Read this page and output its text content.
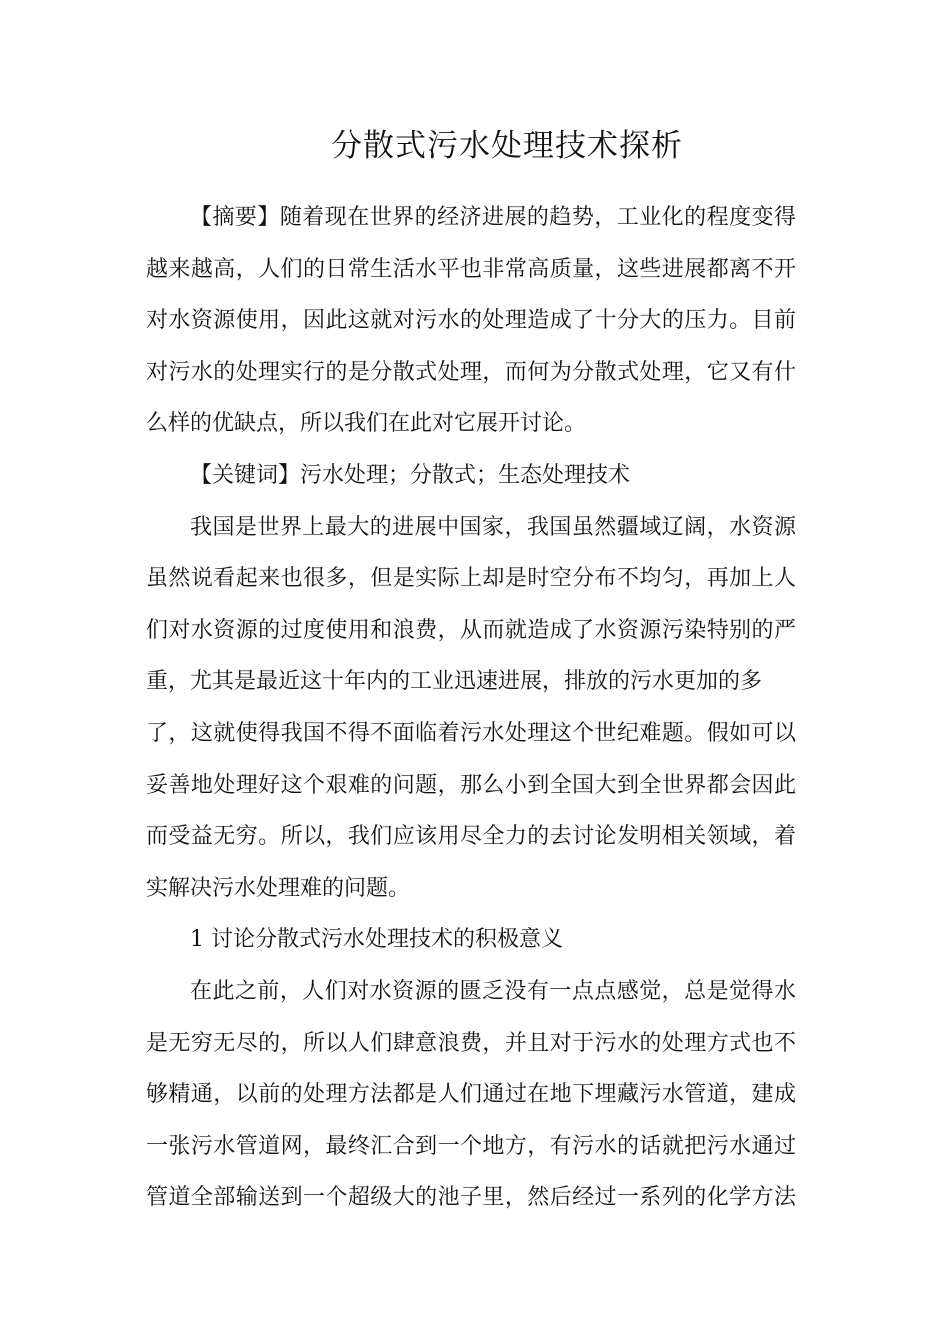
分散式污水处理技术探析

【摘要】随着现在世界的经济进展的趋势，工业化的程度变得
越来越高，人们的日常生活水平也非常高质量，这些进展都离不开
对水资源使用，因此这就对污水的处理造成了十分大的压力。目前
对污水的处理实行的是分散式处理，而何为分散式处理，它又有什
么样的优缺点，所以我们在此对它展开讨论。

【关键词】污水处理；分散式；生态处理技术

我国是世界上最大的进展中国家，我国虽然疆域辽阔，水资源
虽然说看起来也很多，但是实际上却是时空分布不均匀，再加上人
们对水资源的过度使用和浪费，从而就造成了水资源污染特别的严
重，尤其是最近这十年内的工业迅速进展，排放的污水更加的多
了，这就使得我国不得不面临着污水处理这个世纪难题。假如可以
妥善地处理好这个艰难的问题，那么小到全国大到全世界都会因此
而受益无穷。所以，我们应该用尽全力的去讨论发明相关领域，着
实解决污水处理难的问题。

1 讨论分散式污水处理技术的积极意义

在此之前，人们对水资源的匮乏没有一点点感觉，总是觉得水
是无穷无尽的，所以人们肆意浪费，并且对于污水的处理方式也不
够精通，以前的处理方法都是人们通过在地下埋藏污水管道，建成
一张污水管道网，最终汇合到一个地方，有污水的话就把污水通过
管道全部输送到一个超级大的池子里，然后经过一系列的化学方法
